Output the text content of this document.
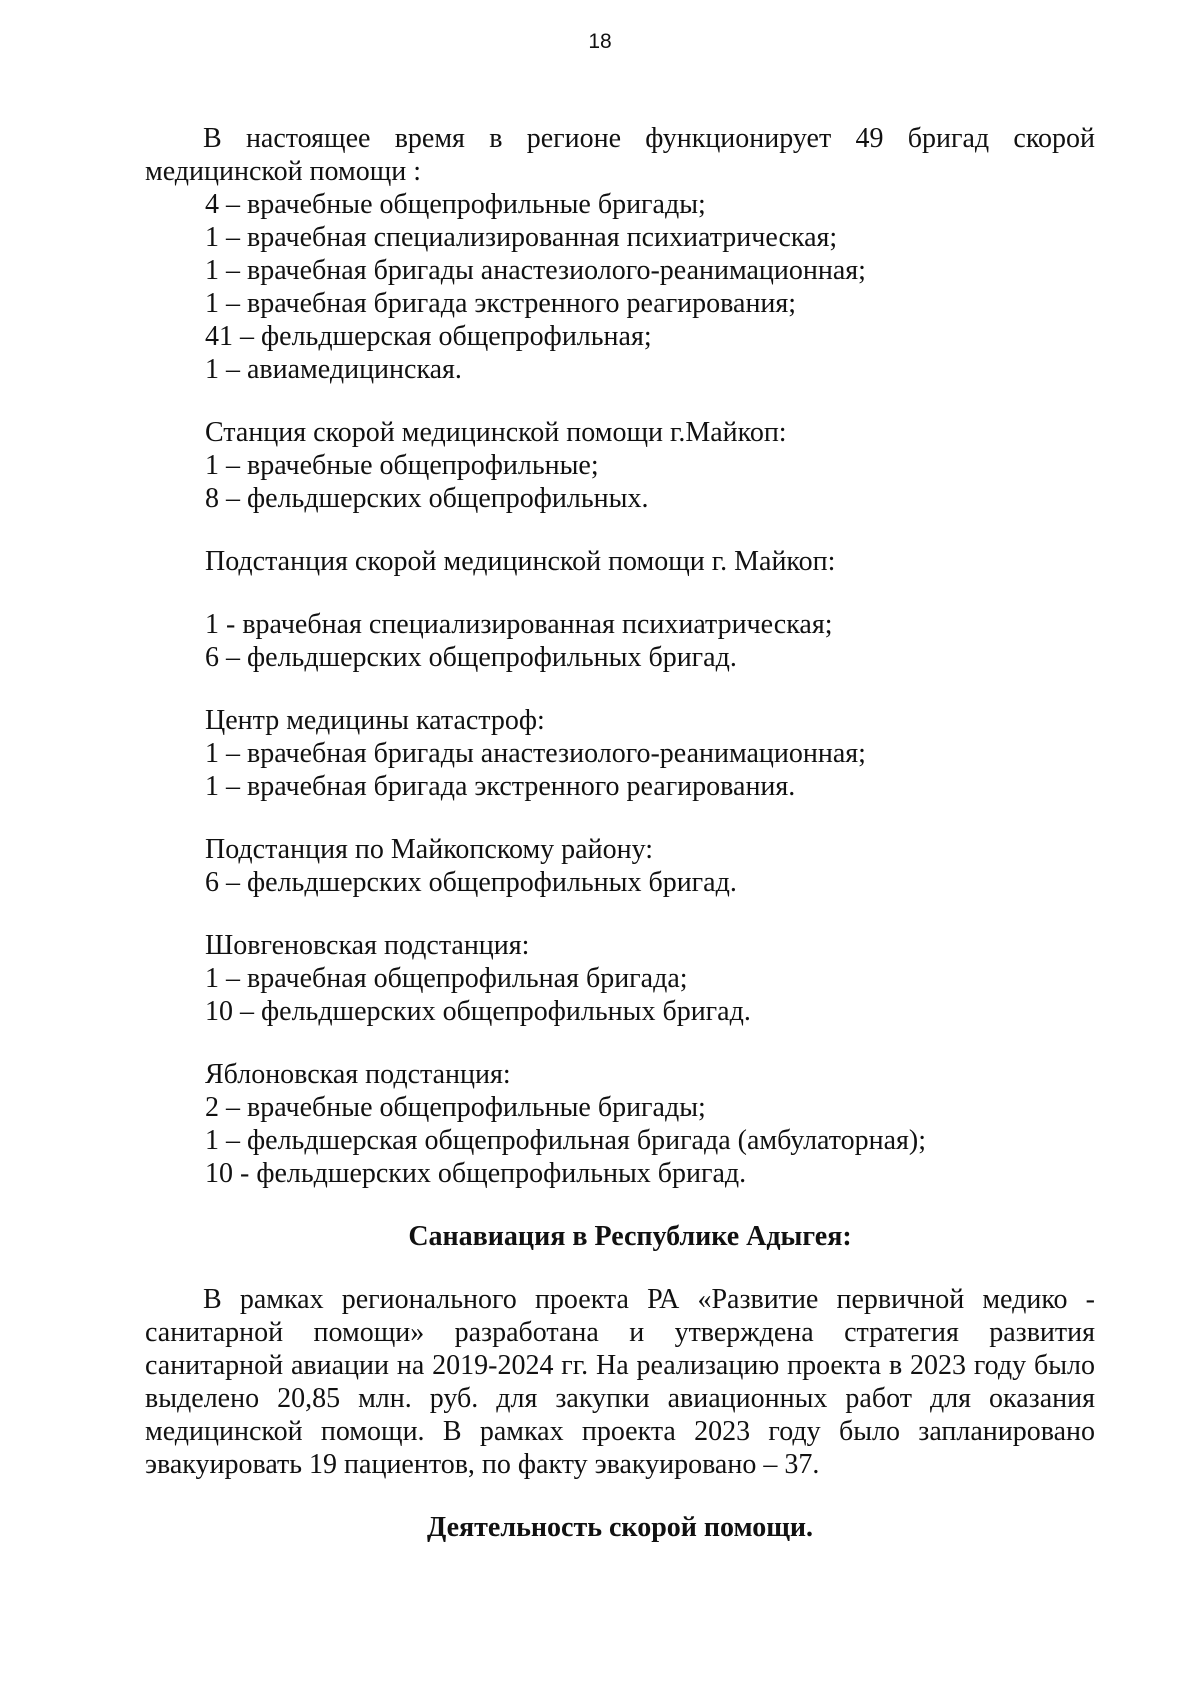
18

В настоящее время в регионе функционирует 49 бригад скорой медицинской помощи :

4 – врачебные общепрофильные бригады;

1 – врачебная специализированная психиатрическая;

1 – врачебная бригады анастезиолого-реанимационная;

1 – врачебная бригада экстренного реагирования;

41 – фельдшерская общепрофильная;

1 – авиамедицинская.

Станция скорой медицинской помощи г.Майкоп:

1 – врачебные общепрофильные;

8 – фельдшерских общепрофильных.

Подстанция скорой медицинской помощи г. Майкоп:

1 - врачебная специализированная психиатрическая;

6 – фельдшерских общепрофильных бригад.

Центр медицины катастроф:

1 – врачебная бригады анастезиолого-реанимационная;

1 – врачебная бригада экстренного реагирования.

Подстанция по Майкопскому району:

6 – фельдшерских общепрофильных бригад.

Шовгеновская подстанция:

1 – врачебная общепрофильная бригада;

10 – фельдшерских общепрофильных бригад.

Яблоновская подстанция:

2 – врачебные общепрофильные бригады;

1 – фельдшерская общепрофильная бригада (амбулаторная);

10 - фельдшерских общепрофильных бригад.

Санавиация в Республике Адыгея:

В рамках регионального проекта РА «Развитие первичной медико - санитарной помощи» разработана и утверждена стратегия развития санитарной авиации на 2019-2024 гг. На реализацию проекта в 2023 году было выделено 20,85 млн. руб. для закупки авиационных работ для оказания медицинской помощи. В рамках проекта 2023 году было запланировано эвакуировать 19 пациентов, по факту эвакуировано – 37.

Деятельность скорой помощи.
